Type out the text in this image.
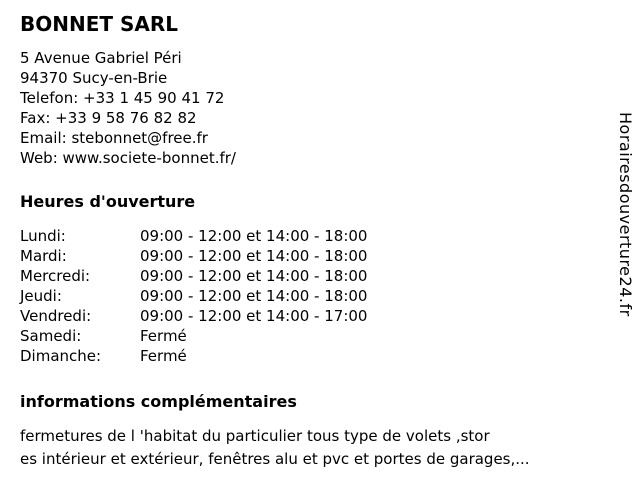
BONNET SARL
5 Avenue Gabriel Péri
94370 Sucy-en-Brie
Telefon: +33 1 45 90 41 72
Fax: +33 9 58 76 82 82
Email: stebonnet@free.fr
Web: www.societe-bonnet.fr/
Heures d'ouverture
Lundi:	09:00 - 12:00 et 14:00 - 18:00
Mardi:	09:00 - 12:00 et 14:00 - 18:00
Mercredi:	09:00 - 12:00 et 14:00 - 18:00
Jeudi:	09:00 - 12:00 et 14:00 - 18:00
Vendredi:	09:00 - 12:00 et 14:00 - 17:00
Samedi:	Fermé
Dimanche:	Fermé
informations complémentaires
fermetures de l 'habitat du particulier tous type de volets ,stor
es intérieur et extérieur, fenêtres alu et pvc et portes de garages,...
Horairesdouverture24.fr
